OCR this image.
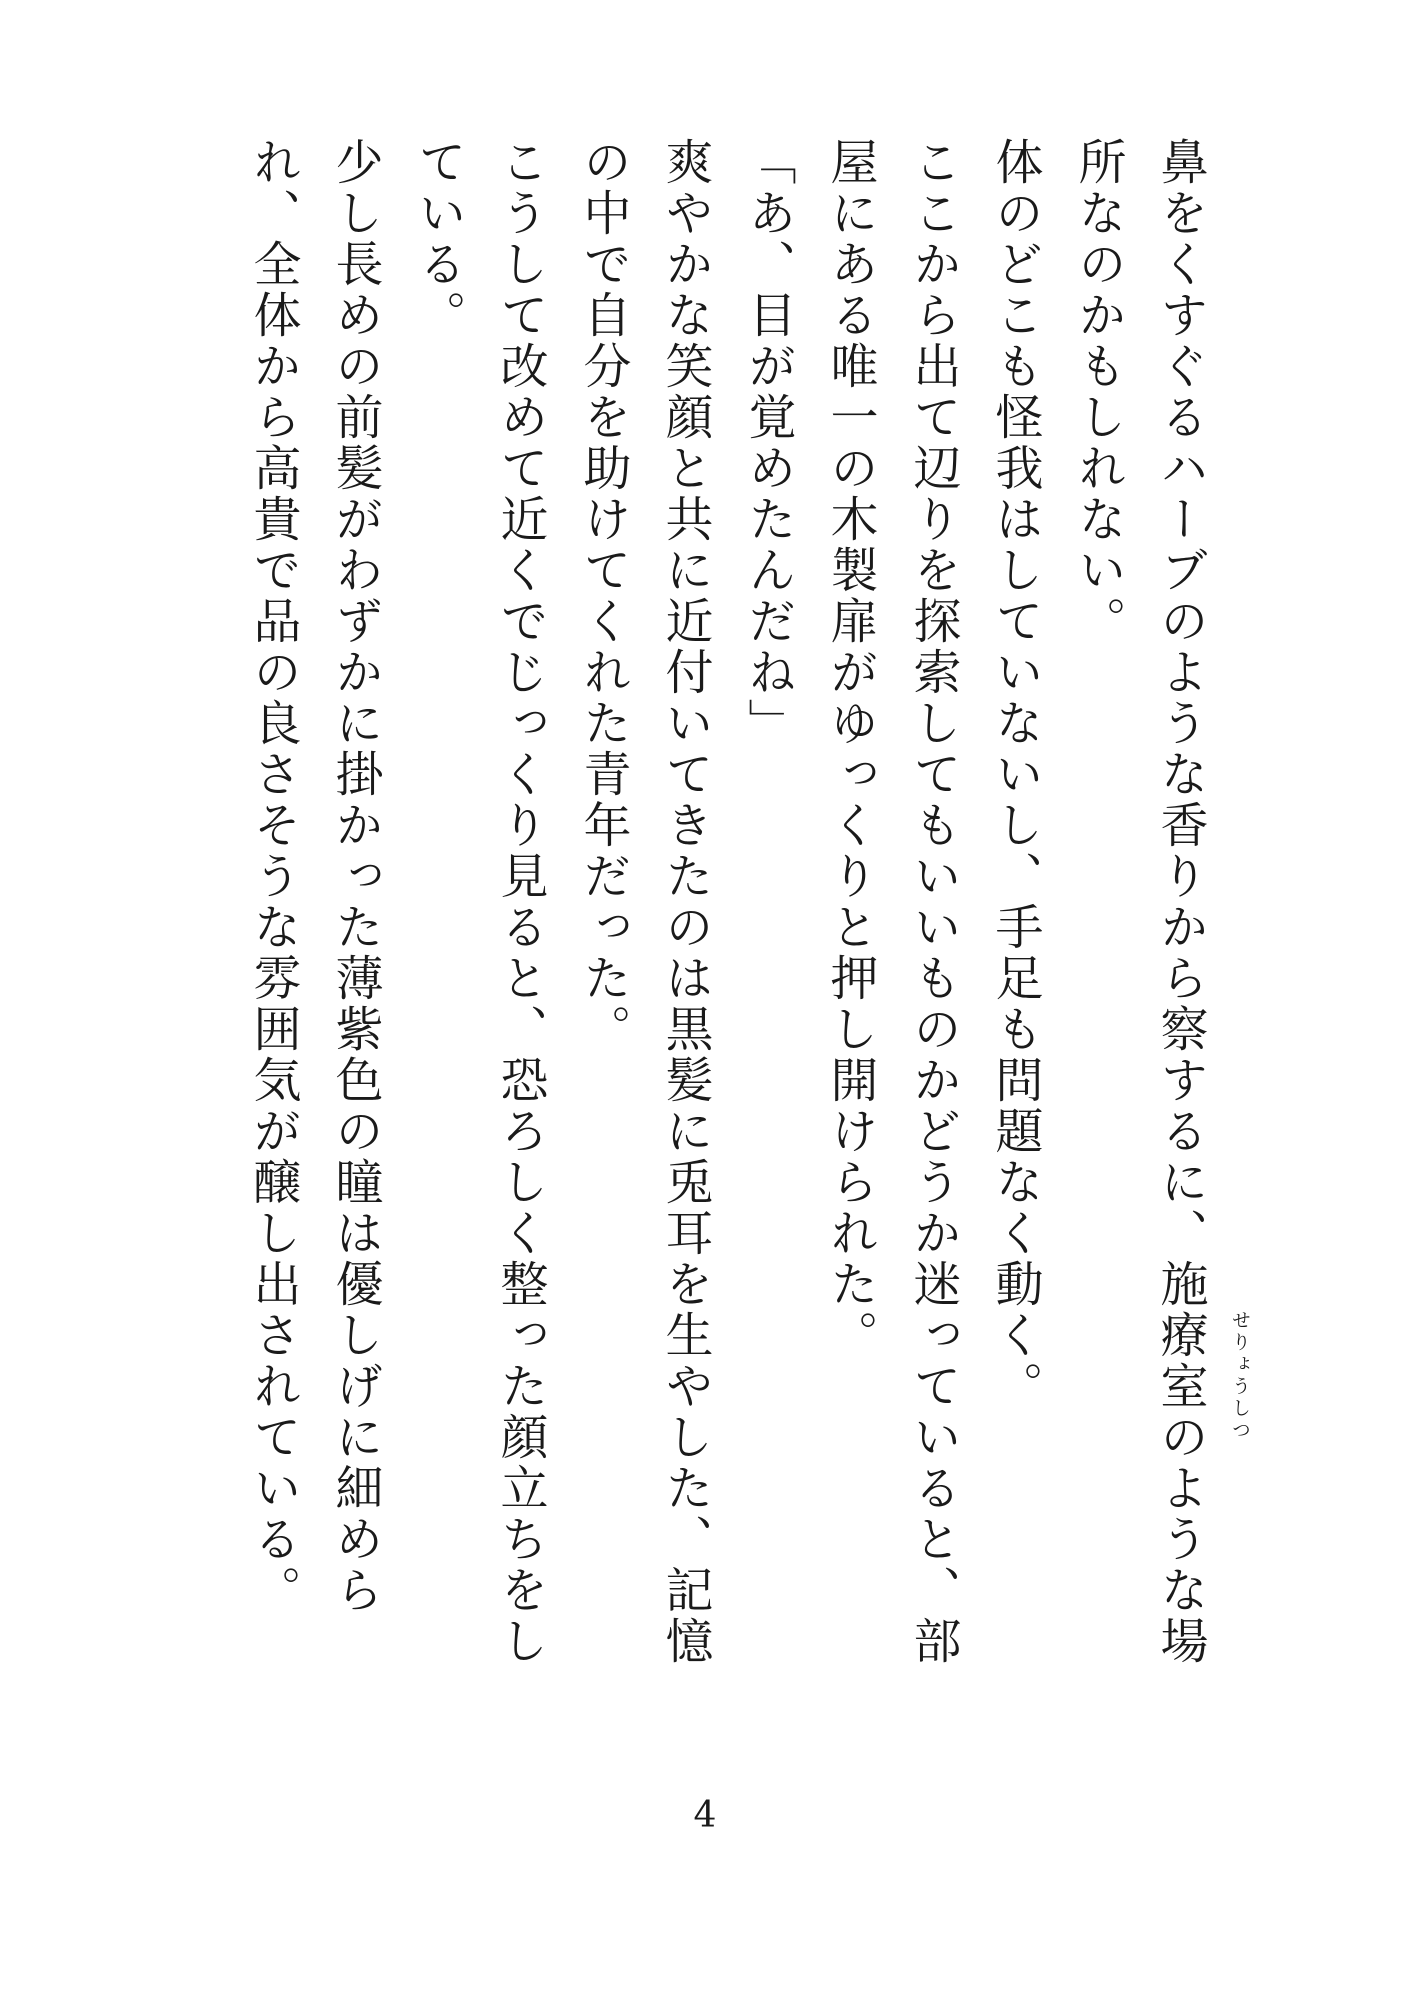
鼻をくすぐるハーブのような香りから察するに、施療室のような場 せりょうしつ
所なのかもしれない。
体のどこも怪我はしていないし、手足も問題なく動く。
ここから出て辺りを探索してもいいものかどうか迷っていると、部
屋にある唯一の木製扉がゆっくりと押し開けられた。
「あ、目が覚めたんだね」
爽やかな笑顔と共に近付いてきたのは黒髪に兎耳を生やした、記憶
の中で自分を助けてくれた青年だった。
こうして改めて近くでじっくり見ると、恐ろしく整った顔立ちをし
ている。
少し長めの前髪がわずかに掛かった薄紫色の瞳は優しげに細めら
れ、全体から高貴で品の良さそうな雰囲気が醸し出されている。
4
